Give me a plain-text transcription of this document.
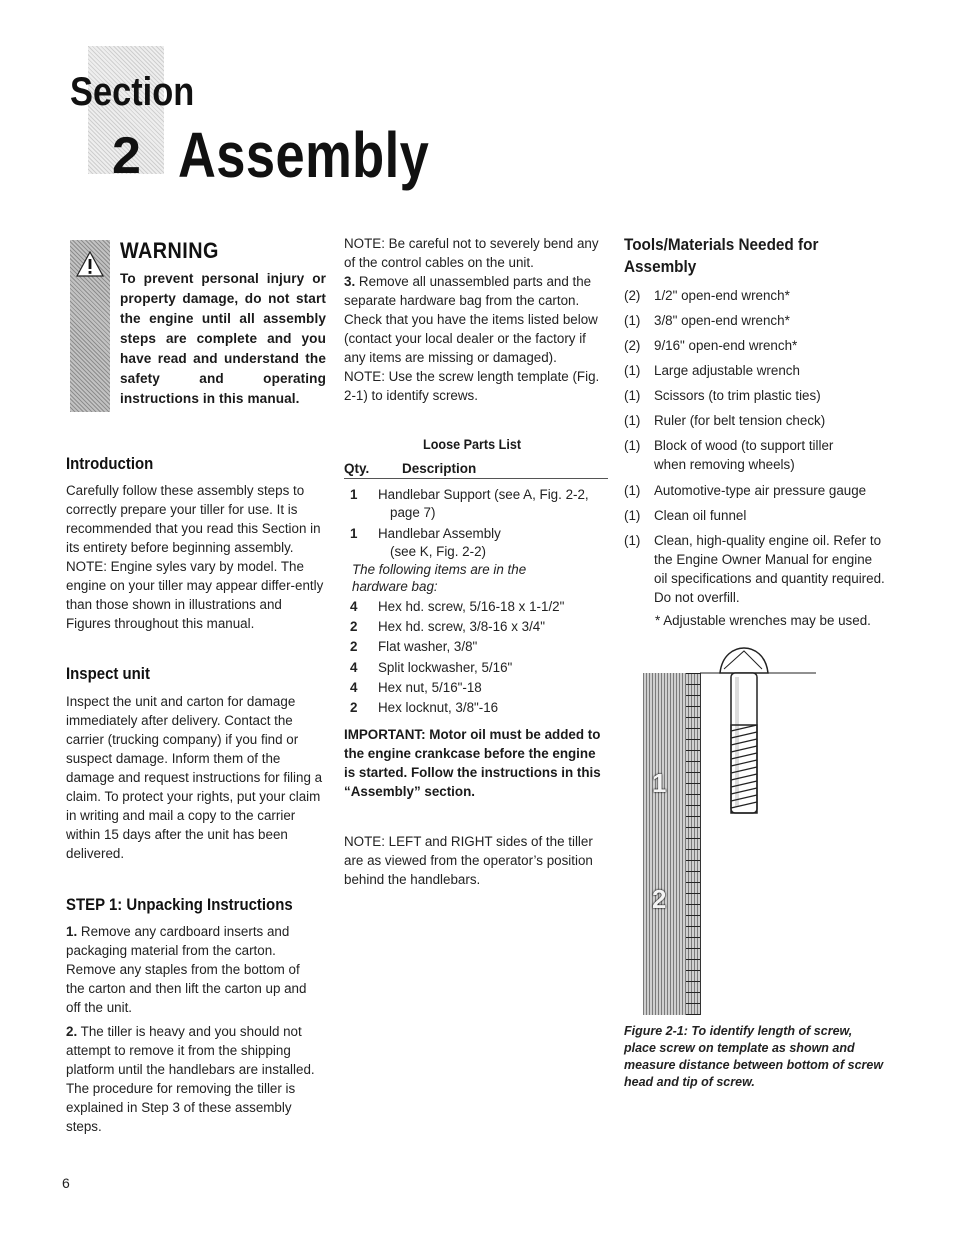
Section
2 Assembly
WARNING
To prevent personal injury or property damage, do not start the engine until all assembly steps are complete and you have read and understand the safety and operating instructions in this manual.
Introduction
Carefully follow these assembly steps to correctly prepare your tiller for use. It is recommended that you read this Section in its entirety before beginning assembly. NOTE: Engine syles vary by model. The engine on your tiller may appear differ-ently than those shown in illustrations and Figures throughout this manual.
Inspect unit
Inspect the unit and carton for damage immediately after delivery. Contact the carrier (trucking company) if you find or suspect damage. Inform them of the damage and request instructions for filing a claim. To protect your rights, put your claim in writing and mail a copy to the carrier within 15 days after the unit has been delivered.
STEP 1: Unpacking Instructions
1. Remove any cardboard inserts and packaging material from the carton. Remove any staples from the bottom of the carton and then lift the carton up and off the unit.
2. The tiller is heavy and you should not attempt to remove it from the shipping platform until the handlebars are installed. The procedure for removing the tiller is explained in Step 3 of these assembly steps.
NOTE: Be careful not to severely bend any of the control cables on the unit.
3. Remove all unassembled parts and the separate hardware bag from the carton. Check that you have the items listed below (contact your local dealer or the factory if any items are missing or damaged). NOTE: Use the screw length template (Fig. 2-1) to identify screws.
Loose Parts List
Qty. Description
1 Handlebar Support (see A, Fig. 2-2,
page 7)
1 Handlebar Assembly
(see K, Fig. 2-2)
The following items are in the hardware bag:
4 Hex hd. screw, 5/16-18 x 1-1/2"
2 Hex hd. screw, 3/8-16 x 3/4"
2 Flat washer, 3/8"
4 Split lockwasher, 5/16"
4 Hex nut, 5/16"-18
2 Hex locknut, 3/8"-16
IMPORTANT: Motor oil must be added to the engine crankcase before the engine is started. Follow the instructions in this “Assembly” section.
NOTE: LEFT and RIGHT sides of the tiller are as viewed from the operator’s position behind the handlebars.
Tools/Materials Needed for Assembly
(2) 1/2" open-end wrench*
(1) 3/8" open-end wrench*
(2) 9/16" open-end wrench*
(1) Large adjustable wrench
(1) Scissors (to trim plastic ties)
(1) Ruler (for belt tension check)
(1) Block of wood (to support tiller when removing wheels)
(1) Automotive-type air pressure gauge
(1) Clean oil funnel
(1) Clean, high-quality engine oil. Refer to the Engine Owner Manual for engine oil specifications and quantity required. Do not overfill.
* Adjustable wrenches may be used.
1
2
Figure 2-1: To identify length of screw, place screw on template as shown and measure distance between bottom of screw head and tip of screw.
6
